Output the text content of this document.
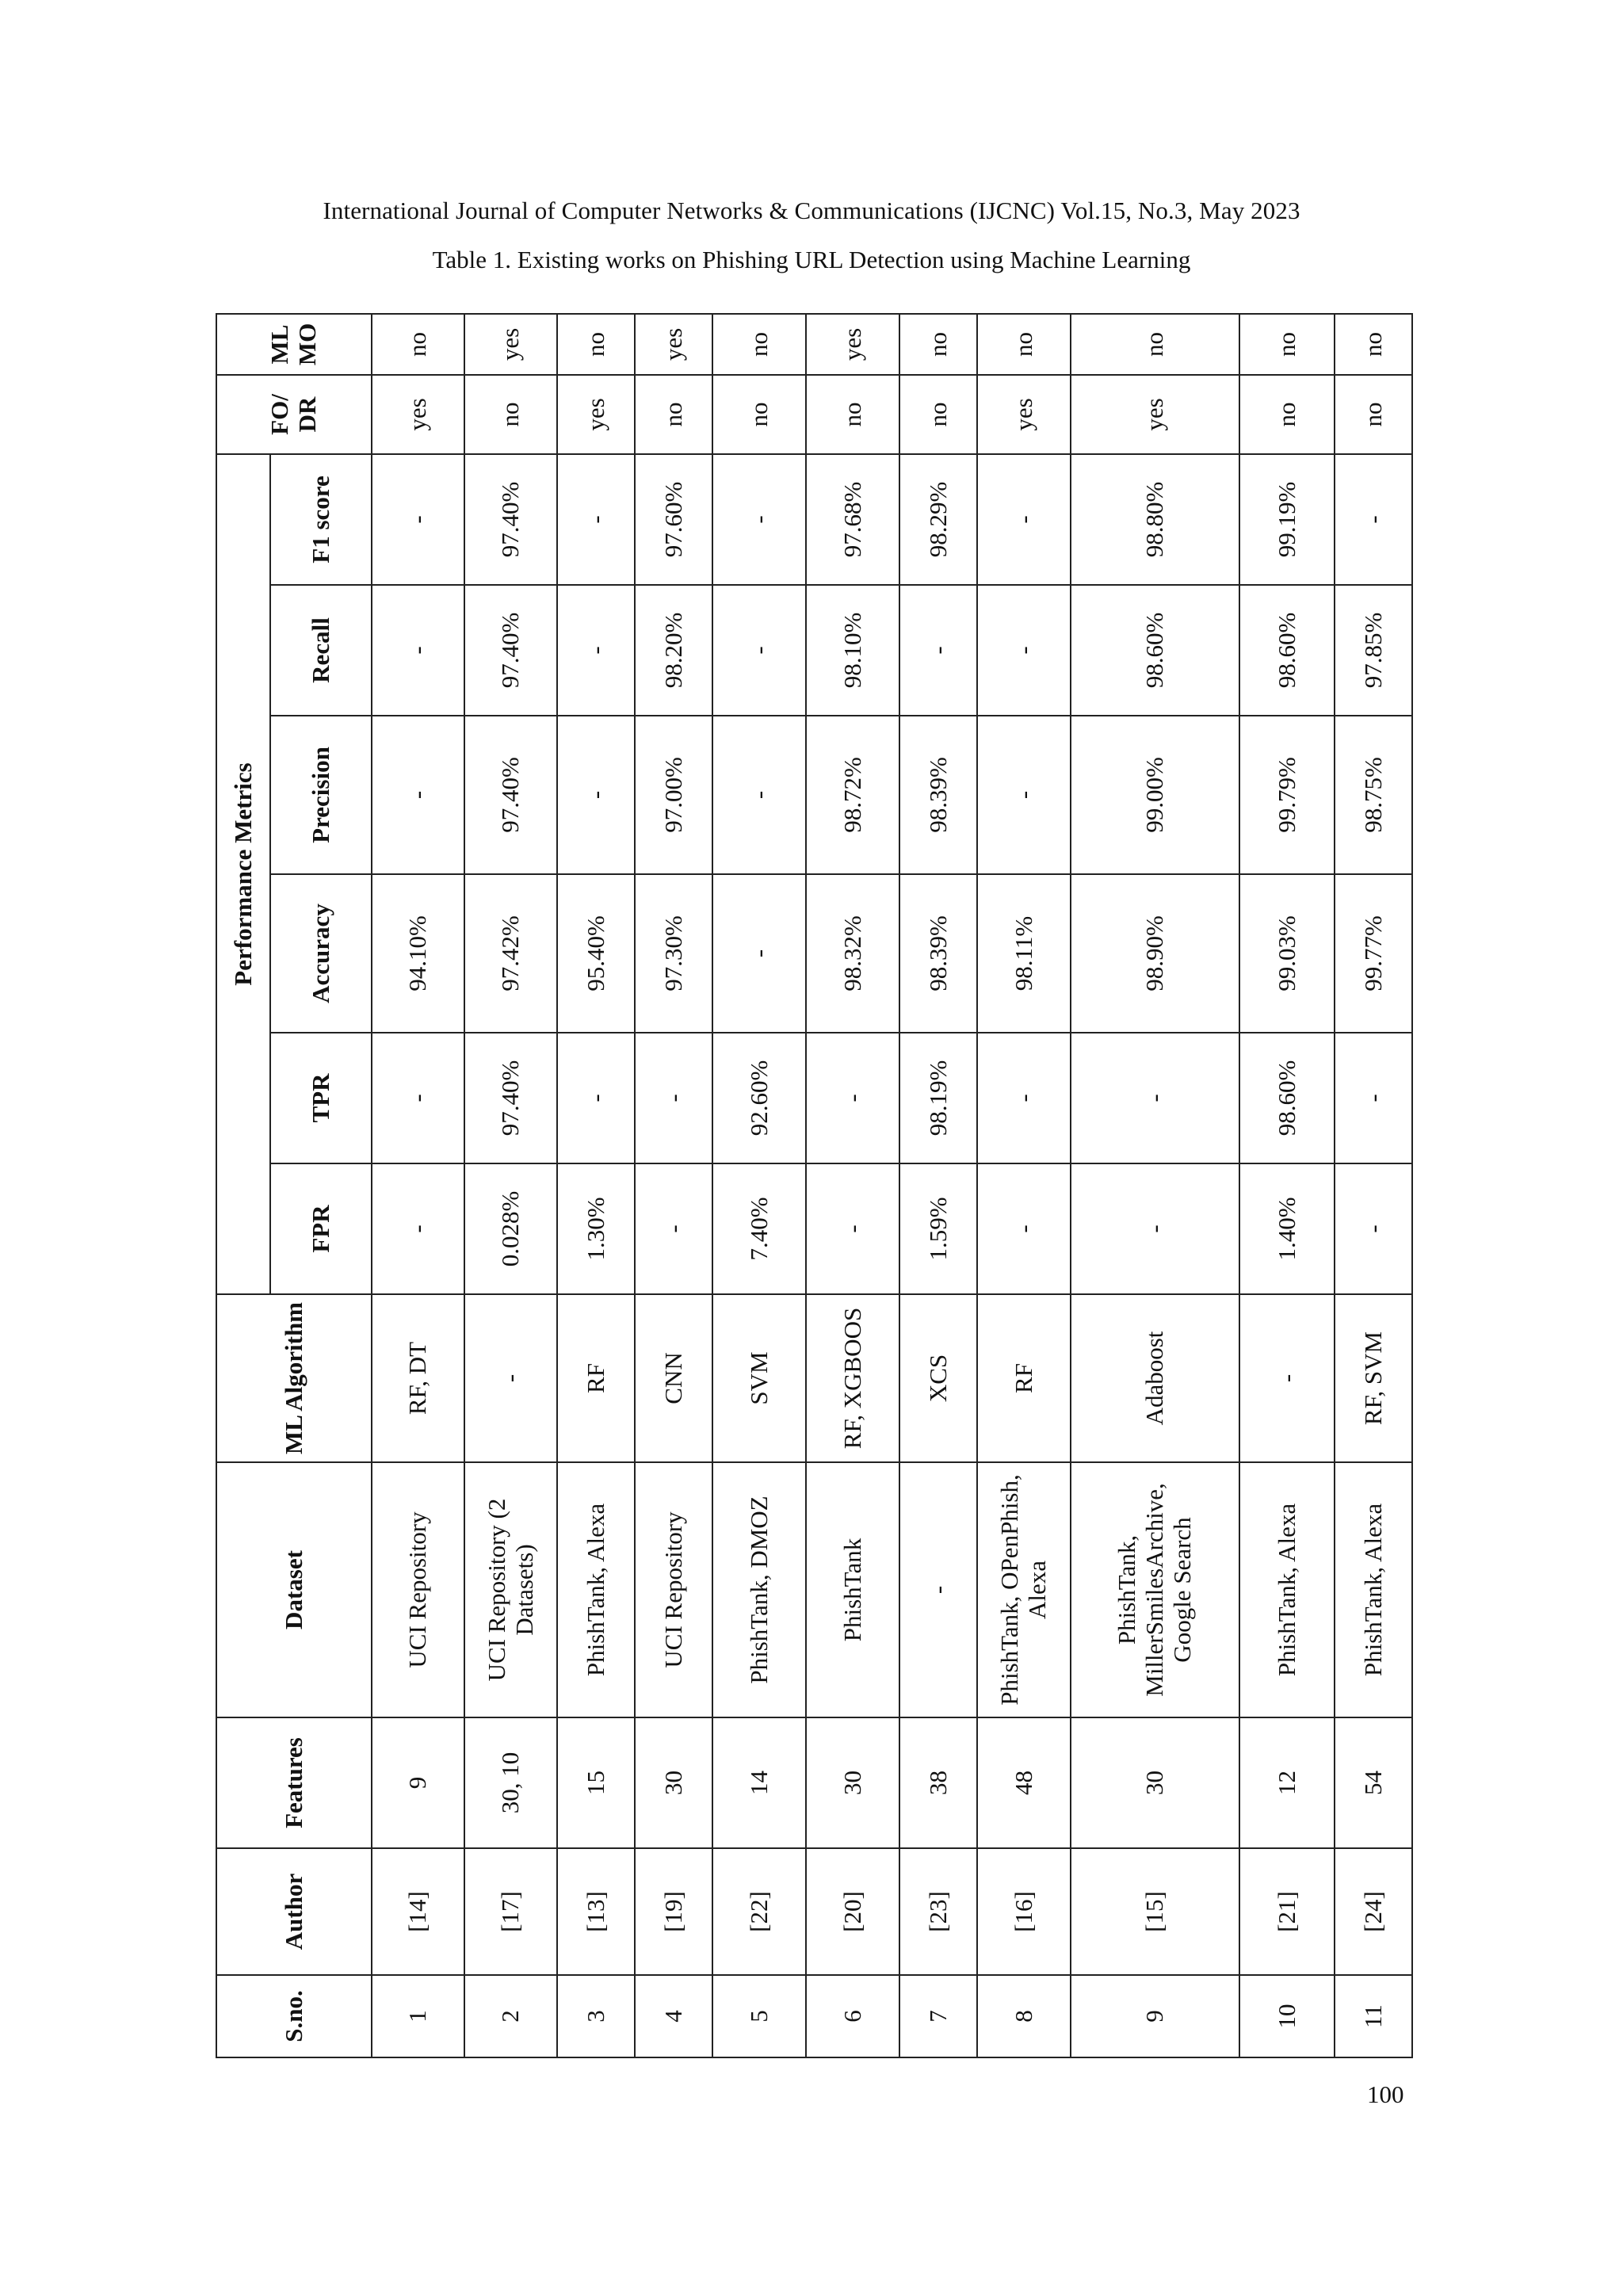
International Journal of Computer Networks & Communications (IJCNC) Vol.15, No.3, May 2023
Table 1. Existing works on Phishing URL Detection using Machine Learning
S.no.	Author	Features	Dataset	ML Algorithm	Performance Metrics						FO/ DR	ML MO
					FPR	TPR	Accuracy	Precision	Recall	F1 score		
1	[14]	9	UCI Repository	RF, DT	-	-	94.10%	-	-	-	yes	no
2	[17]	30, 10	UCI Repository (2 Datasets)	-	0.028%	97.40%	97.42%	97.40%	97.40%	97.40%	no	yes
3	[13]	15	PhishTank, Alexa	RF	1.30%	-	95.40%	-	-	-	yes	no
4	[19]	30	UCI Repository	CNN	-	-	97.30%	97.00%	98.20%	97.60%	no	yes
5	[22]	14	PhishTank, DMOZ	SVM	7.40%	92.60%	-	-	-	-	no	no
6	[20]	30	PhishTank	RF, XGBOOS	-	-	98.32%	98.72%	98.10%	97.68%	no	yes
7	[23]	38	-	XCS	1.59%	98.19%	98.39%	98.39%	-	98.29%	no	no
8	[16]	48	PhishTank, OPenPhish, Alexa	RF	-	-	98.11%	-	-	-	yes	no
9	[15]	30	PhishTank, MillerSmilesArchive, Google Search	Adaboost	-	-	98.90%	99.00%	98.60%	98.80%	yes	no
10	[21]	12	PhishTank, Alexa	-	1.40%	98.60%	99.03%	99.79%	98.60%	99.19%	no	no
11	[24]	54	PhishTank, Alexa	RF, SVM	-	-	99.77%	98.75%	97.85%	-	no	no
100
